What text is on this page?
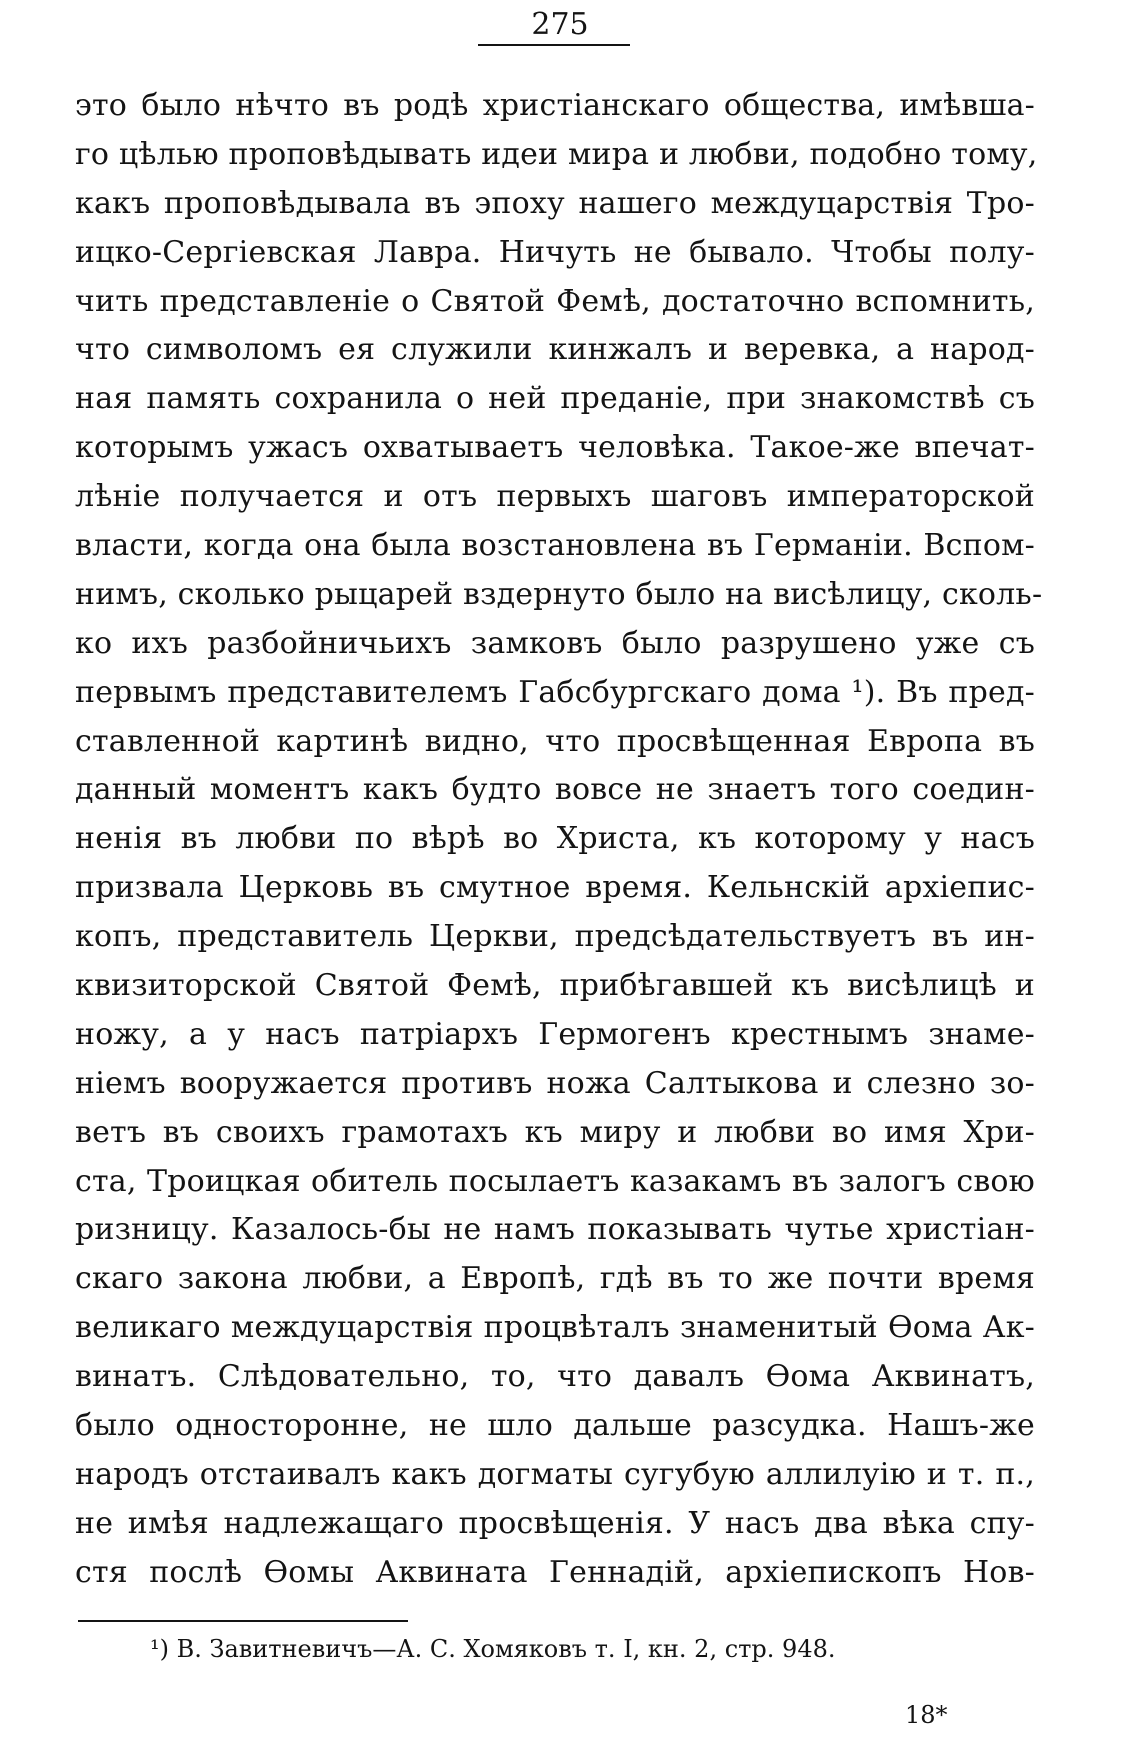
275
это было нѣчто въ родѣ христіанскаго общества, имѣвша-
го цѣлью проповѣдывать идеи мира и любви, подобно тому,
какъ проповѣдывала въ эпоху нашего междуцарствія Тро-
ицко-Сергіевская Лавра. Ничуть не бывало. Чтобы полу-
чить представленіе о Святой Фемѣ, достаточно вспомнить,
что символомъ ея служили кинжалъ и веревка, а народ-
ная память сохранила о ней преданіе, при знакомствѣ съ
которымъ ужасъ охватываетъ человѣка. Такое-же впечат-
лѣніе получается и отъ первыхъ шаговъ императорской
власти, когда она была возстановлена въ Германіи. Вспом-
нимъ, сколько рыцарей вздернуто было на висѣлицу, сколь-
ко ихъ разбойничьихъ замковъ было разрушено уже съ
первымъ представителемъ Габсбургскаго дома ¹). Въ пред-
ставленной картинѣ видно, что просвѣщенная Европа въ
данный моментъ какъ будто вовсе не знаетъ того соедин-
ненія въ любви по вѣрѣ во Христа, къ которому у насъ
призвала Церковь въ смутное время. Кельнскій архіепис-
копъ, представитель Церкви, предсѣдательствуетъ въ ин-
квизиторской Святой Фемѣ, прибѣгавшей къ висѣлицѣ и
ножу, а у насъ патріархъ Гермогенъ крестнымъ знаме-
ніемъ вооружается противъ ножа Салтыкова и слезно зо-
ветъ въ своихъ грамотахъ къ миру и любви во имя Хри-
ста, Троицкая обитель посылаетъ казакамъ въ залогъ свою
ризницу. Казалось-бы не намъ показывать чутье христіан-
скаго закона любви, а Европѣ, гдѣ въ то же почти время
великаго междуцарствія процвѣталъ знаменитый Ѳома Ак-
винатъ. Слѣдовательно, то, что давалъ Ѳома Аквинатъ,
было односторонне, не шло дальше разсудка. Нашъ-же
народъ отстаивалъ какъ догматы сугубую аллилуію и т. п.,
не имѣя надлежащаго просвѣщенія. У насъ два вѣка спу-
стя послѣ Ѳомы Аквината Геннадій, архіепископъ Нов-
¹) В. Завитневичъ—А. С. Хомяковъ т. I, кн. 2, стр. 948.
18*
